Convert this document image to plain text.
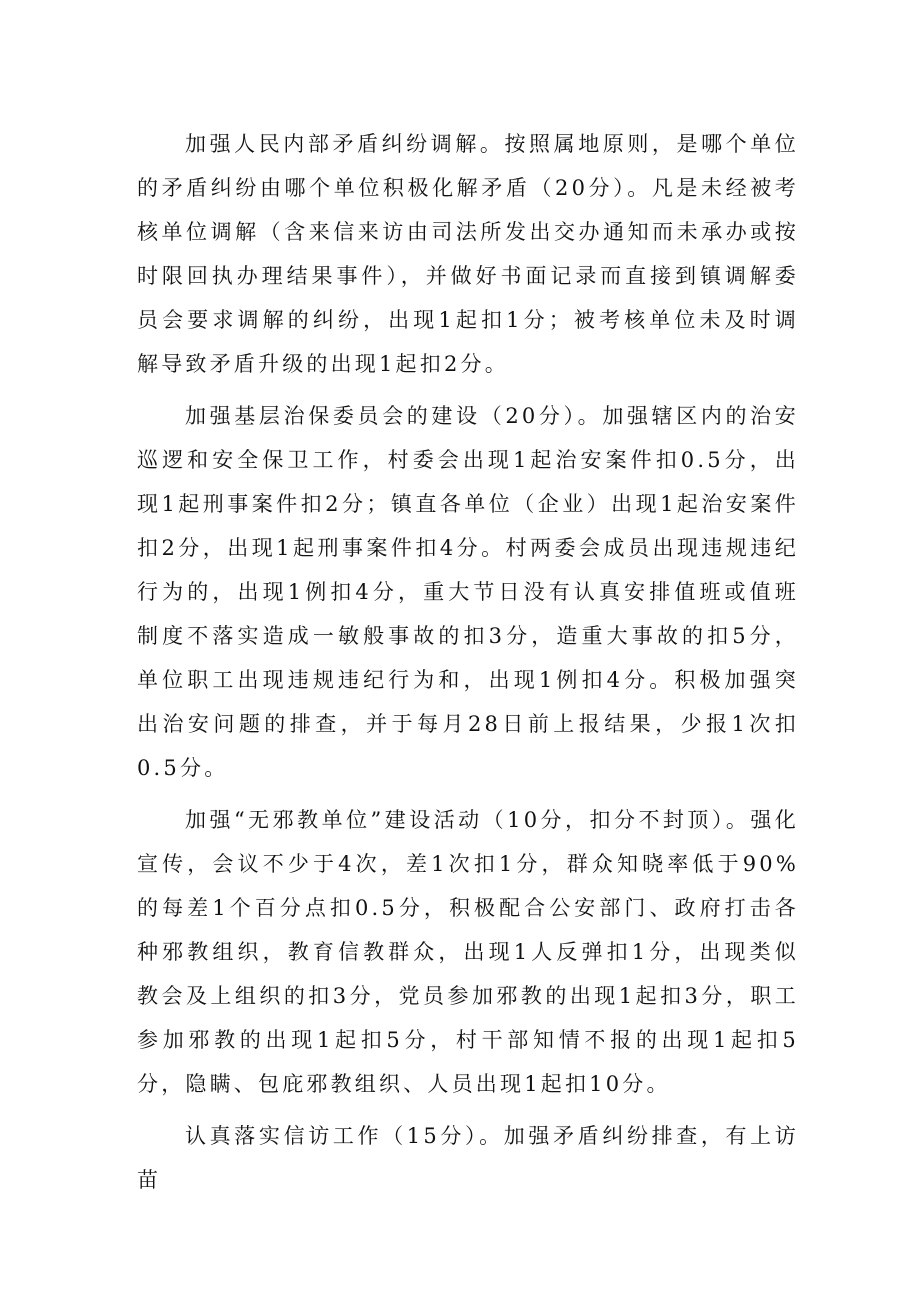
加强人民内部矛盾纠纷调解。按照属地原则，是哪个单位的矛盾纠纷由哪个单位积极化解矛盾（20分）。凡是未经被考核单位调解（含来信来访由司法所发出交办通知而未承办或按时限回执办理结果事件），并做好书面记录而直接到镇调解委员会要求调解的纠纷，出现1起扣1分；被考核单位未及时调解导致矛盾升级的出现1起扣2分。

加强基层治保委员会的建设（20分）。加强辖区内的治安巡逻和安全保卫工作，村委会出现1起治安案件扣0.5分，出现1起刑事案件扣2分；镇直各单位（企业）出现1起治安案件扣2分，出现1起刑事案件扣4分。村两委会成员出现违规违纪行为的，出现1例扣4分，重大节日没有认真安排值班或值班制度不落实造成一敏般事故的扣3分，造重大事故的扣5分，单位职工出现违规违纪行为和，出现1例扣4分。积极加强突出治安问题的排查，并于每月28日前上报结果，少报1次扣0.5分。

加强“无邪教单位”建设活动（10分，扣分不封顶）。强化宣传，会议不少于4次，差1次扣1分，群众知晓率低于90%的每差1个百分点扣0.5分，积极配合公安部门、政府打击各种邪教组织，教育信教群众，出现1人反弹扣1分，出现类似教会及上组织的扣3分，党员参加邪教的出现1起扣3分，职工参加邪教的出现1起扣5分，村干部知情不报的出现1起扣5分，隐瞒、包庇邪教组织、人员出现1起扣10分。

认真落实信访工作（15分）。加强矛盾纠纷排查，有上访苗
